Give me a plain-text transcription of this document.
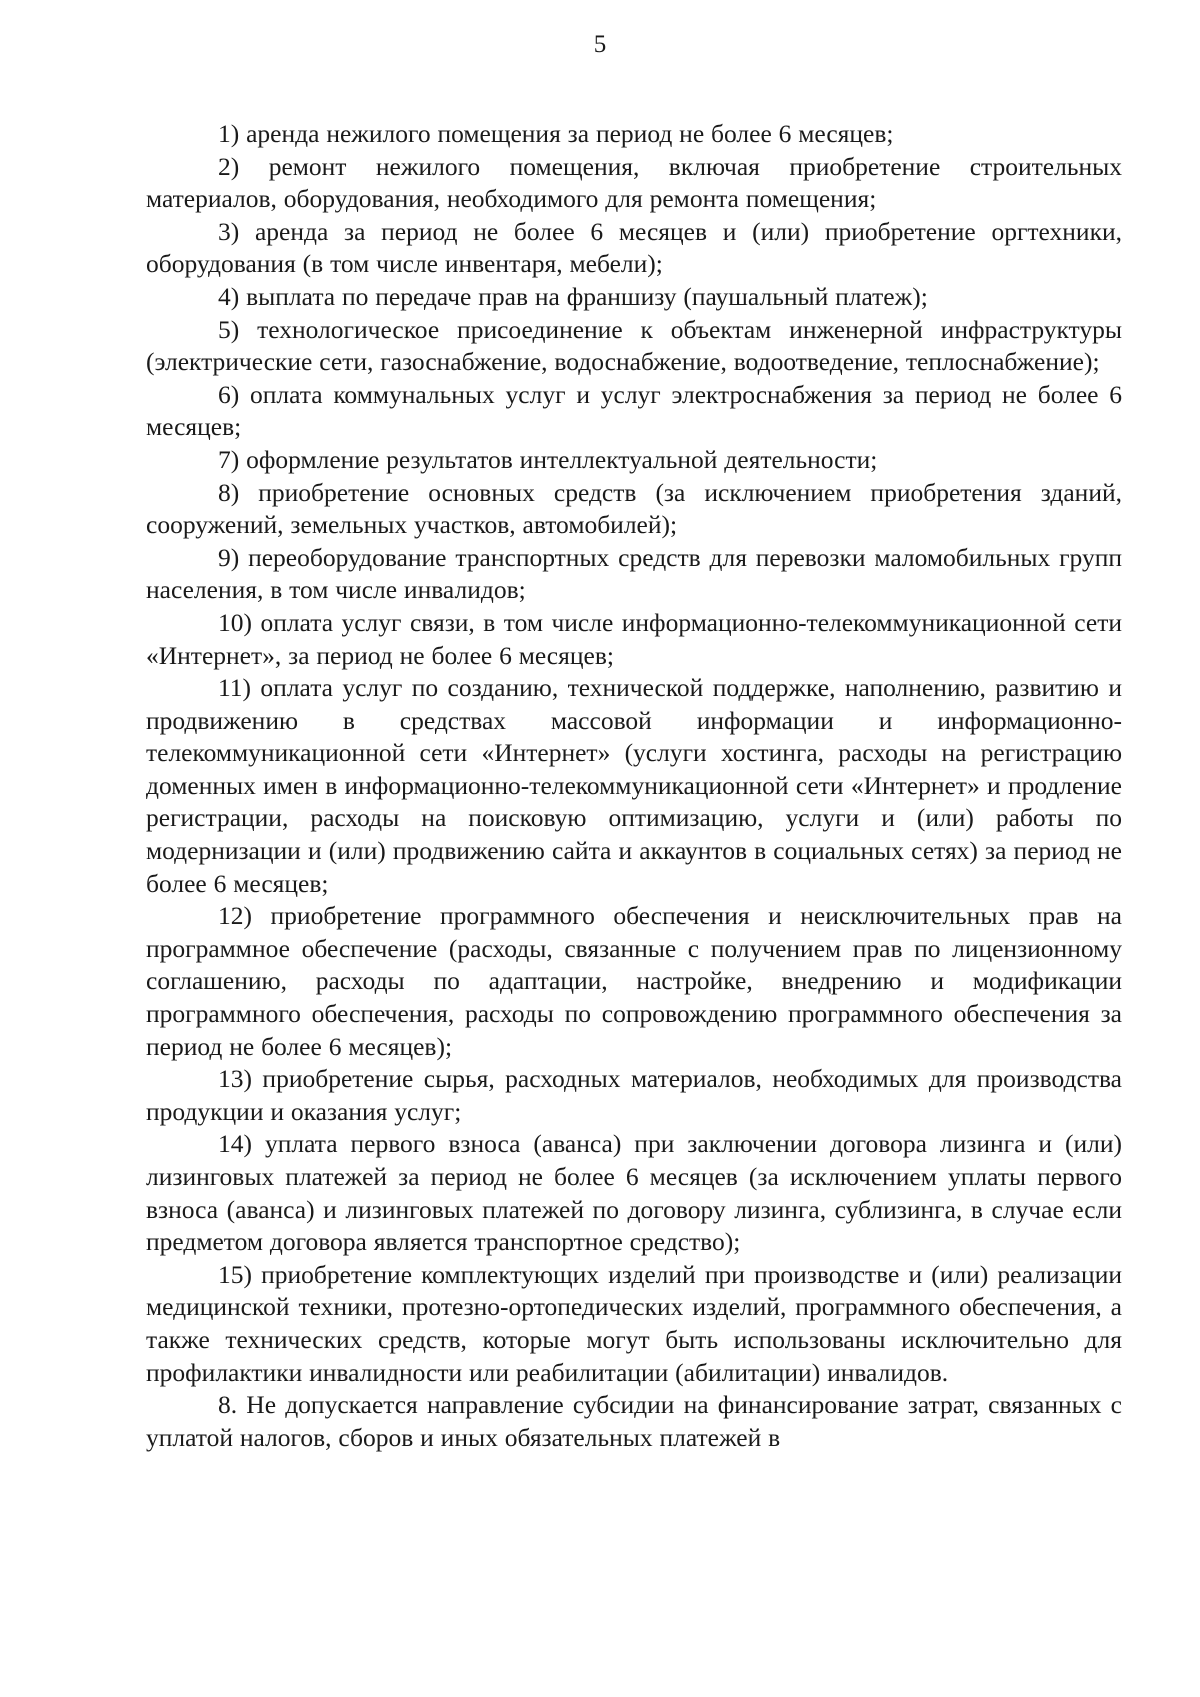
5

1) аренда нежилого помещения за период не более 6 месяцев;

2) ремонт нежилого помещения, включая приобретение строительных материалов, оборудования, необходимого для ремонта помещения;

3) аренда за период не более 6 месяцев и (или) приобретение оргтехники, оборудования (в том числе инвентаря, мебели);

4) выплата по передаче прав на франшизу (паушальный платеж);

5) технологическое присоединение к объектам инженерной инфраструктуры (электрические сети, газоснабжение, водоснабжение, водоотведение, теплоснабжение);

6) оплата коммунальных услуг и услуг электроснабжения за период не более 6 месяцев;

7) оформление результатов интеллектуальной деятельности;

8) приобретение основных средств (за исключением приобретения зданий, сооружений, земельных участков, автомобилей);

9) переоборудование транспортных средств для перевозки маломобильных групп населения, в том числе инвалидов;

10) оплата услуг связи, в том числе информационно-телекоммуникационной сети «Интернет», за период не более 6 месяцев;

11) оплата услуг по созданию, технической поддержке, наполнению, развитию и продвижению в средствах массовой информации и информационно-телекоммуникационной сети «Интернет» (услуги хостинга, расходы на регистрацию доменных имен в информационно-телекоммуникационной сети «Интернет» и продление регистрации, расходы на поисковую оптимизацию, услуги и (или) работы по модернизации и (или) продвижению сайта и аккаунтов в социальных сетях) за период не более 6 месяцев;

12) приобретение программного обеспечения и неисключительных прав на программное обеспечение (расходы, связанные с получением прав по лицензионному соглашению, расходы по адаптации, настройке, внедрению и модификации программного обеспечения, расходы по сопровождению программного обеспечения за период не более 6 месяцев);

13) приобретение сырья, расходных материалов, необходимых для производства продукции и оказания услуг;

14) уплата первого взноса (аванса) при заключении договора лизинга и (или) лизинговых платежей за период не более 6 месяцев (за исключением уплаты первого взноса (аванса) и лизинговых платежей по договору лизинга, сублизинга, в случае если предметом договора является транспортное средство);

15) приобретение комплектующих изделий при производстве и (или) реализации медицинской техники, протезно-ортопедических изделий, программного обеспечения, а также технических средств, которые могут быть использованы исключительно для профилактики инвалидности или реабилитации (абилитации) инвалидов.

8. Не допускается направление субсидии на финансирование затрат, связанных с уплатой налогов, сборов и иных обязательных платежей в
